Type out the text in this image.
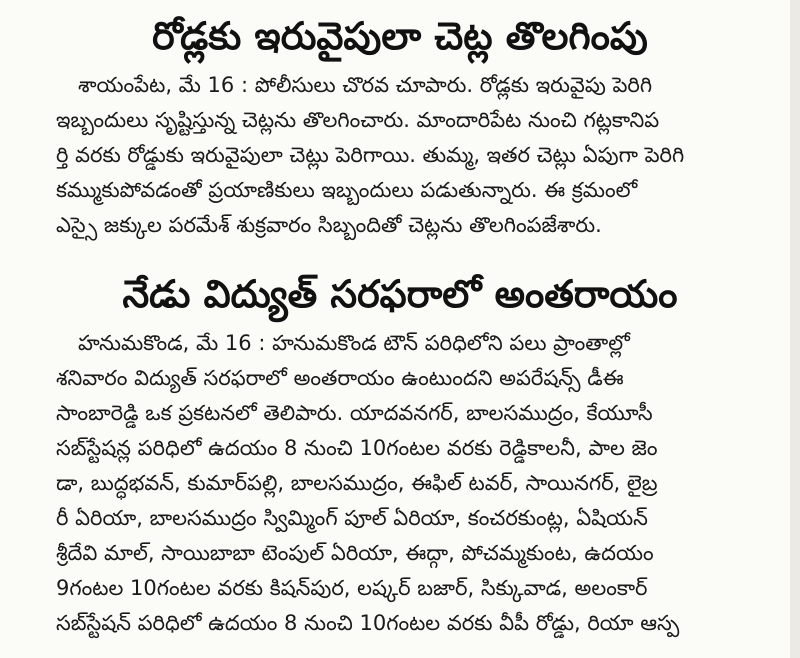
రోడ్లకు ఇరువైపులా చెట్ల తొలగింపు
శాయంపేట, మే 16 : పోలీసులు చొరవ చూపారు. రోడ్లకు ఇరువైపు పెరిగి
ఇబ్బందులు సృష్టిస్తున్న చెట్లను తొలగించారు. మాందారిపేట నుంచి గట్లకానిప
ర్తి వరకు రోడ్డుకు ఇరువైపులా చెట్లు పెరిగాయి. తుమ్మ, ఇతర చెట్లు ఏపుగా పెరిగి
కమ్ముకుపోవడంతో ప్రయాణికులు ఇబ్బందులు పడుతున్నారు. ఈ క్రమంలో
ఎస్సై జక్కుల పరమేశ్ శుక్రవారం సిబ్బందితో చెట్లను తొలగింపజేశారు.
నేడు విద్యుత్ సరఫరాలో అంతరాయం
హనుమకొండ, మే 16 : హనుమకొండ టౌన్ పరిధిలోని పలు ప్రాంతాల్లో
శనివారం విద్యుత్ సరఫరాలో అంతరాయం ఉంటుందని అపరేషన్స్ డీఈ
సాంబారెడ్డి ఒక ప్రకటనలో తెలిపారు. యాదవనగర్, బాలసముద్రం, కేయూసీ
సబ్‌స్టేషన్ల పరిధిలో ఉదయం 8 నుంచి 10గంటల వరకు రెడ్డికాలనీ, పాల జెం
డా, బుద్ధభవన్, కుమార్‌పల్లి, బాలసముద్రం, ఈఫిల్ టవర్, సాయినగర్, లైబ్ర
రీ ఏరియా, బాలసముద్రం స్విమ్మింగ్ పూల్ ఏరియా, కంచరకుంట్ల, ఏషియన్
శ్రీదేవి మాల్, సాయిబాబా టెంపుల్ ఏరియా, ఈద్గా, పోచమ్మకుంట, ఉదయం
9గంటల 10గంటల వరకు కిషన్‌పుర, లష్కర్ బజార్, సిక్కువాడ, అలంకార్
సబ్‌స్టేషన్ పరిధిలో ఉదయం 8 నుంచి 10గంటల వరకు వీపీ రోడ్డు, రియా ఆస్ప
